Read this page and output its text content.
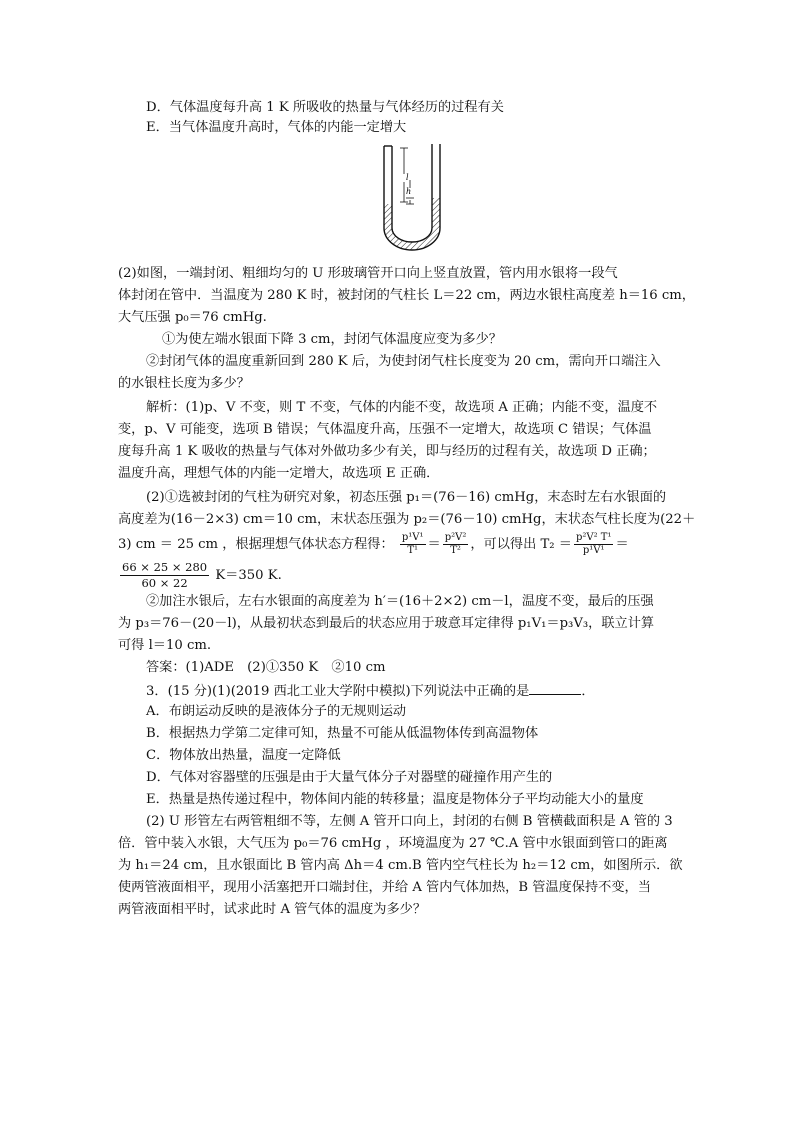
D．气体温度每升高 1 K 所吸收的热量与气体经历的过程有关
E．当气体温度升高时，气体的内能一定增大
l
h
(2)如图，一端封闭、粗细均匀的 U 形玻璃管开口向上竖直放置，管内用水银将一段气
体封闭在管中．当温度为 280 K 时，被封闭的气柱长 L＝22 cm，两边水银柱高度差 h＝16 cm，
大气压强 p₀＝76 cmHg.
①为使左端水银面下降 3 cm，封闭气体温度应变为多少？
②封闭气体的温度重新回到 280 K 后，为使封闭气柱长度变为 20 cm，需向开口端注入
的水银柱长度为多少？
解析：(1)p、V 不变，则 T 不变，气体的内能不变，故选项 A 正确；内能不变，温度不
变，p、V 可能变，选项 B 错误；气体温度升高，压强不一定增大，故选项 C 错误；气体温
度每升高 1 K 吸收的热量与气体对外做功多少有关，即与经历的过程有关，故选项 D 正确；
温度升高，理想气体的内能一定增大，故选项 E 正确．
(2)①选被封闭的气柱为研究对象，初态压强 p₁＝(76－16) cmHg，末态时左右水银面的
高度差为(16－2×3) cm＝10 cm，末状态压强为 p₂＝(76－10) cmHg，末状态气柱长度为(22＋
3) cm ＝ 25 cm ，根据理想气体状态方程得： $\frac{\text{p¹V¹}}{\text{T¹}} = \frac{\text{p²V²}}{\text{T²}}$ ，可以得出 $T_2 = \frac{\text{p²V² T¹}}{\text{p¹V¹}}$ ＝
$\frac{66 \times 25 \times 280}{60 \times 22} K=350$ K.
②加注水银后，左右水银面的高度差为 h′＝(16＋2×2) cm－l，温度不变，最后的压强
为 p₃＝76－(20－l)，从最初状态到最后的状态应用于玻意耳定律得 p₁V₁＝p₃V₃，联立计算
可得 l＝10 cm.
答案：(1)ADE　(2)①350 K　②10 cm
3．(15 分)(1)(2019 西北工业大学附中模拟)下列说法中正确的是	．
A．布朗运动反映的是液体分子的无规则运动
B．根据热力学第二定律可知，热量不可能从低温物体传到高温物体
C．物体放出热量，温度一定降低
D．气体对容器壁的压强是由于大量气体分子对器壁的碰撞作用产生的
E．热量是热传递过程中，物体间内能的转移量；温度是物体分子平均动能大小的量度
(2) U 形管左右两管粗细不等，左侧 A 管开口向上，封闭的右侧 B 管横截面积是 A 管的 3
倍．管中装入水银，大气压为 p₀＝76 cmHg ，环境温度为 27 ℃.A 管中水银面到管口的距离
为 h₁＝24 cm，且水银面比 B 管内高 Δh＝4 cm.B 管内空气柱长为 h₂＝12 cm，如图所示．欲
使两管液面相平，现用小活塞把开口端封住，并给 A 管内气体加热，B 管温度保持不变，当
两管液面相平时，试求此时 A 管气体的温度为多少？
